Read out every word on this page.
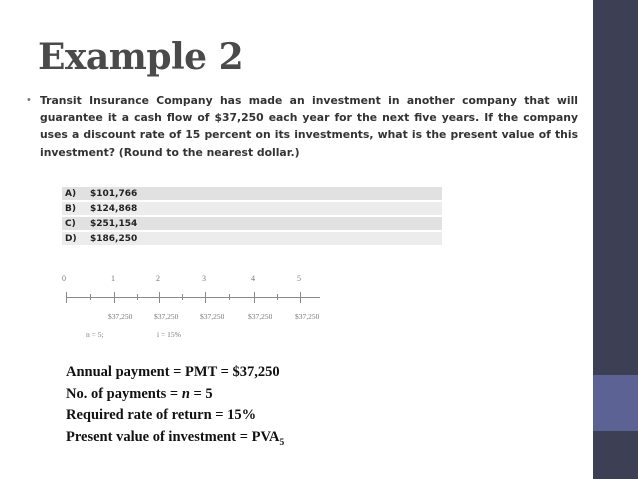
Example 2
• Transit Insurance Company has made an investment in another company that will guarantee it a cash flow of $37,250 each year for the next five years. If the company uses a discount rate of 15 percent on its investments, what is the present value of this investment? (Round to the nearest dollar.)
A)	$101,766
B)	$124,868
C)	$251,154
D)	$186,250
0	1	2	3	4	5
$37,250	$37,250	$37,250	$37,250	$37,250
n = 5;	i = 15%
Annual payment = PMT = $37,250
No. of payments = n = 5
Required rate of return = 15%
Present value of investment = $PVA_5$
